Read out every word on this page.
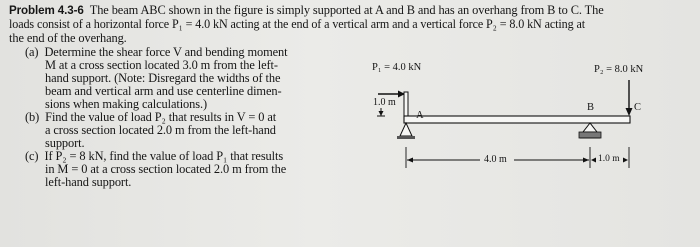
Problem 4.3-6 The beam ABC shown in the figure is simply supported at A and B and has an overhang from B to C. The
loads consist of a horizontal force P₁ = 4.0 kN acting at the end of a vertical arm and a vertical force P₂ = 8.0 kN acting at
the end of the overhang.
(a) Determine the shear force V and bending moment
M at a cross section located 3.0 m from the left-
hand support. (Note: Disregard the widths of the
beam and vertical arm and use centerline dimen-
sions when making calculations.)
(b) Find the value of load P₂ that results in V = 0 at
a cross section located 2.0 m from the left-hand
support.
(c) If P₂ = 8 kN, find the value of load P₁ that results
in M = 0 at a cross section located 2.0 m from the
left-hand support.
P₁ = 4.0 kN	P₂ = 8.0 kN
1.0 m
A
B	C
4.0 m	1.0 m
